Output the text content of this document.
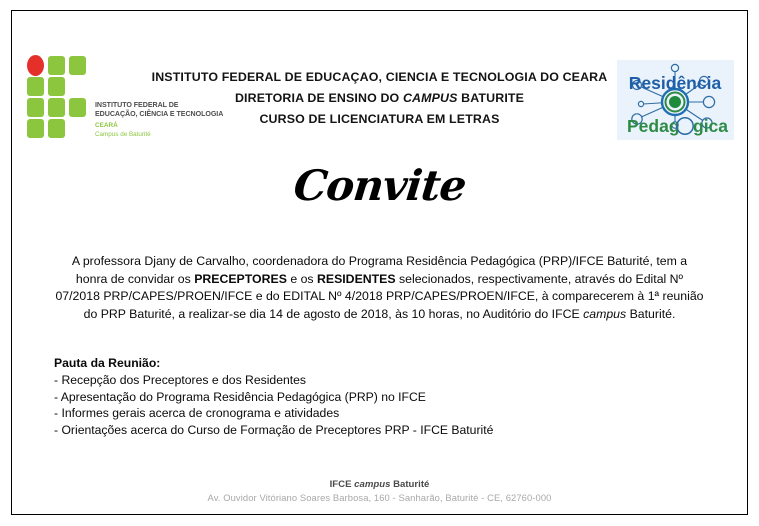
INSTITUTO FEDERAL DE
EDUCAÇÃO, CIÊNCIA E TECNOLOGIA
CEARÁ
Campus de Baturité
INSTITUTO FEDERAL DE EDUCAÇAO, CIENCIA E TECNOLOGIA DO CEARA
DIRETORIA DE ENSINO DO CAMPUS BATURITE
CURSO DE LICENCIATURA EM LETRAS
Residência
Pedag gica
Convite

A professora Djany de Carvalho, coordenadora do Programa Residência Pedagógica (PRP)/IFCE Baturité, tem a honra de convidar os PRECEPTORES e os RESIDENTES selecionados, respectivamente, através do Edital Nº 07/2018 PRP/CAPES/PROEN/IFCE e do EDITAL Nº 4/2018 PRP/CAPES/PROEN/IFCE, à comparecerem à 1ª reunião do PRP Baturité, a realizar-se dia 14 de agosto de 2018, às 10 horas, no Auditório do IFCE campus Baturité.

Pauta da Reunião:
- Recepção dos Preceptores e dos Residentes
- Apresentação do Programa Residência Pedagógica (PRP) no IFCE
- Informes gerais acerca de cronograma e atividades
- Orientações acerca do Curso de Formação de Preceptores PRP - IFCE Baturité
IFCE campus Baturité
Av. Ouvidor Vitóriano Soares Barbosa, 160 - Sanharão, Baturité - CE, 62760-000
